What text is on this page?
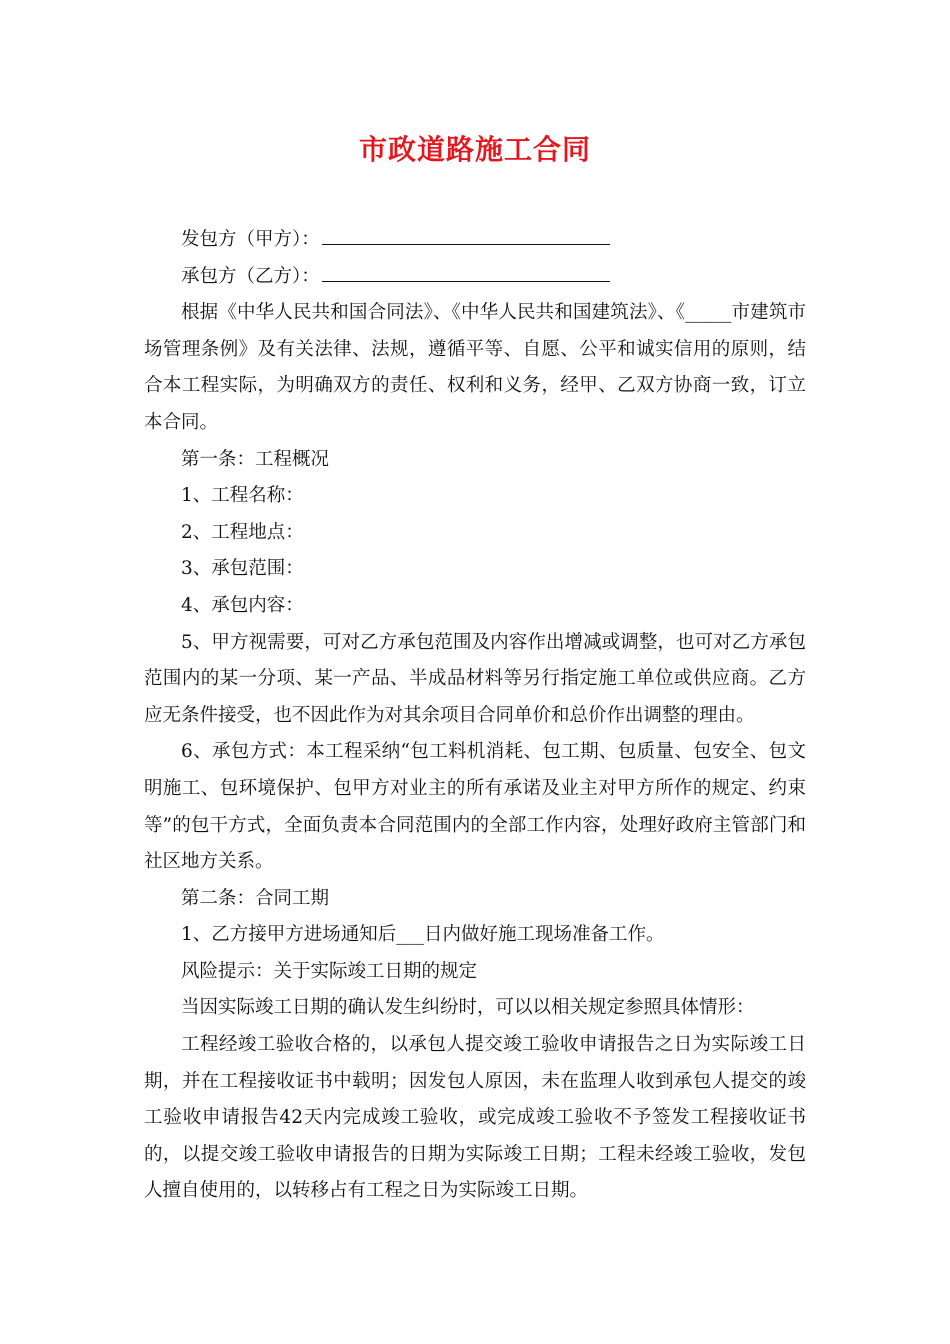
市政道路施工合同

发包方（甲方）：

承包方（乙方）：

根据《中华人民共和国合同法》、《中华人民共和国建筑法》、《_____市建筑市场管理条例》及有关法律、法规，遵循平等、自愿、公平和诚实信用的原则，结合本工程实际，为明确双方的责任、权利和义务，经甲、乙双方协商一致，订立本合同。

第一条：工程概况

1、工程名称：

2、工程地点：

3、承包范围：

4、承包内容：

5、甲方视需要，可对乙方承包范围及内容作出增减或调整，也可对乙方承包范围内的某一分项、某一产品、半成品材料等另行指定施工单位或供应商。乙方应无条件接受，也不因此作为对其余项目合同单价和总价作出调整的理由。

6、承包方式：本工程采纳“包工料机消耗、包工期、包质量、包安全、包文明施工、包环境保护、包甲方对业主的所有承诺及业主对甲方所作的规定、约束等”的包干方式，全面负责本合同范围内的全部工作内容，处理好政府主管部门和社区地方关系。

第二条：合同工期

1、乙方接甲方进场通知后___日内做好施工现场准备工作。

风险提示：关于实际竣工日期的规定

当因实际竣工日期的确认发生纠纷时，可以以相关规定参照具体情形：

工程经竣工验收合格的，以承包人提交竣工验收申请报告之日为实际竣工日期，并在工程接收证书中载明；因发包人原因，未在监理人收到承包人提交的竣工验收申请报告42天内完成竣工验收，或完成竣工验收不予签发工程接收证书的，以提交竣工验收申请报告的日期为实际竣工日期；工程未经竣工验收，发包人擅自使用的，以转移占有工程之日为实际竣工日期。
